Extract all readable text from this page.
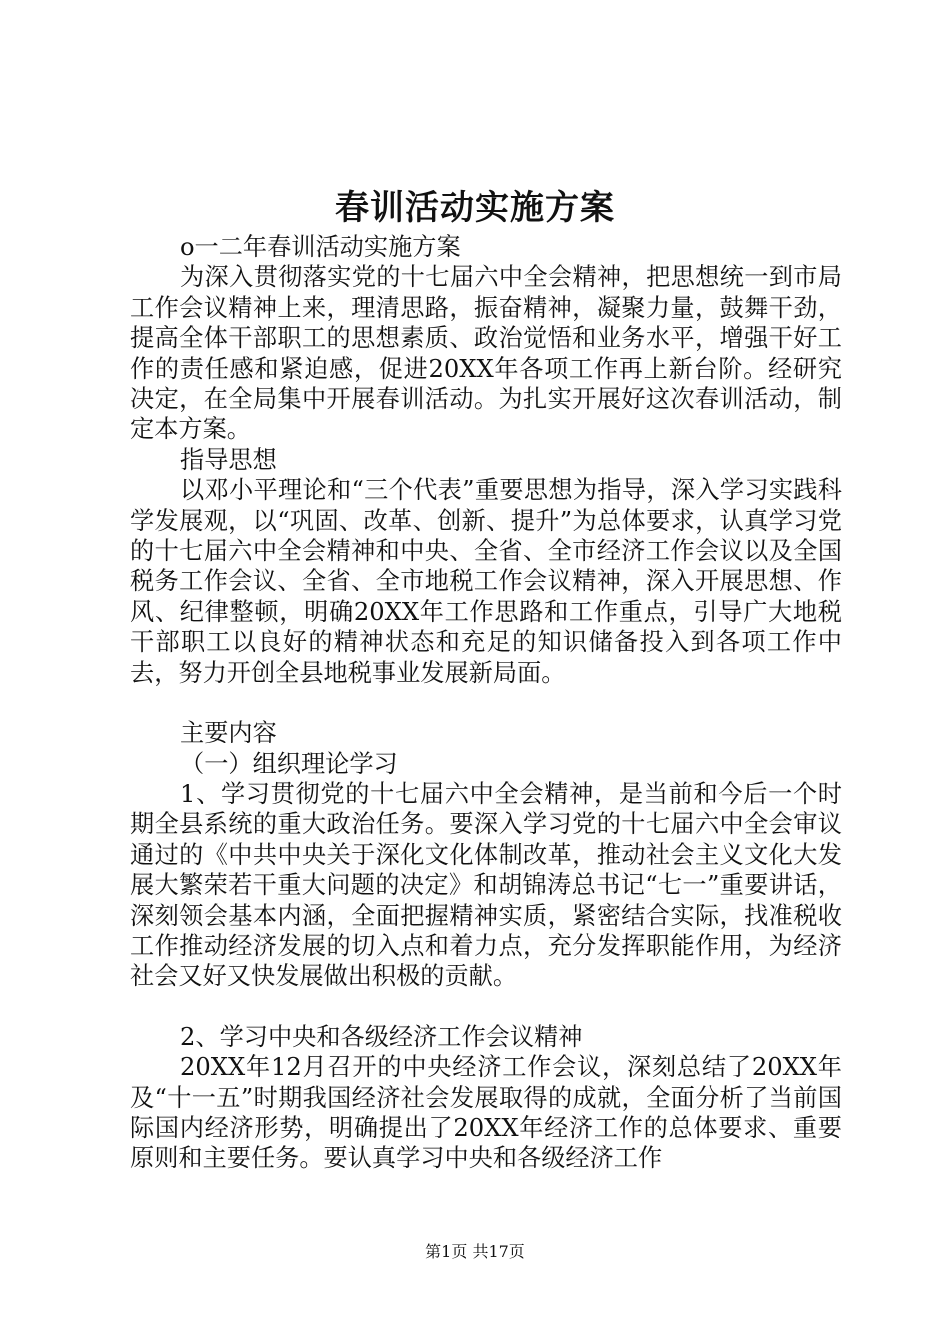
春训活动实施方案

o一二年春训活动实施方案

为深入贯彻落实党的十七届六中全会精神，把思想统一到市局工作会议精神上来，理清思路，振奋精神，凝聚力量，鼓舞干劲，提高全体干部职工的思想素质、政治觉悟和业务水平，增强干好工作的责任感和紧迫感，促进20XX年各项工作再上新台阶。经研究决定，在全局集中开展春训活动。为扎实开展好这次春训活动，制定本方案。

指导思想

以邓小平理论和“三个代表”重要思想为指导，深入学习实践科学发展观，以“巩固、改革、创新、提升”为总体要求，认真学习党的十七届六中全会精神和中央、全省、全市经济工作会议以及全国税务工作会议、全省、全市地税工作会议精神，深入开展思想、作风、纪律整顿，明确20XX年工作思路和工作重点，引导广大地税干部职工以良好的精神状态和充足的知识储备投入到各项工作中去，努力开创全县地税事业发展新局面。

主要内容

（一）组织理论学习

1、学习贯彻党的十七届六中全会精神，是当前和今后一个时期全县系统的重大政治任务。要深入学习党的十七届六中全会审议通过的《中共中央关于深化文化体制改革，推动社会主义文化大发展大繁荣若干重大问题的决定》和胡锦涛总书记“七一”重要讲话，深刻领会基本内涵，全面把握精神实质，紧密结合实际，找准税收工作推动经济发展的切入点和着力点，充分发挥职能作用，为经济社会又好又快发展做出积极的贡献。

2、学习中央和各级经济工作会议精神

20XX年12月召开的中央经济工作会议，深刻总结了20XX年及“十一五”时期我国经济社会发展取得的成就，全面分析了当前国际国内经济形势，明确提出了20XX年经济工作的总体要求、重要原则和主要任务。要认真学习中央和各级经济工作

第1页 共17页
